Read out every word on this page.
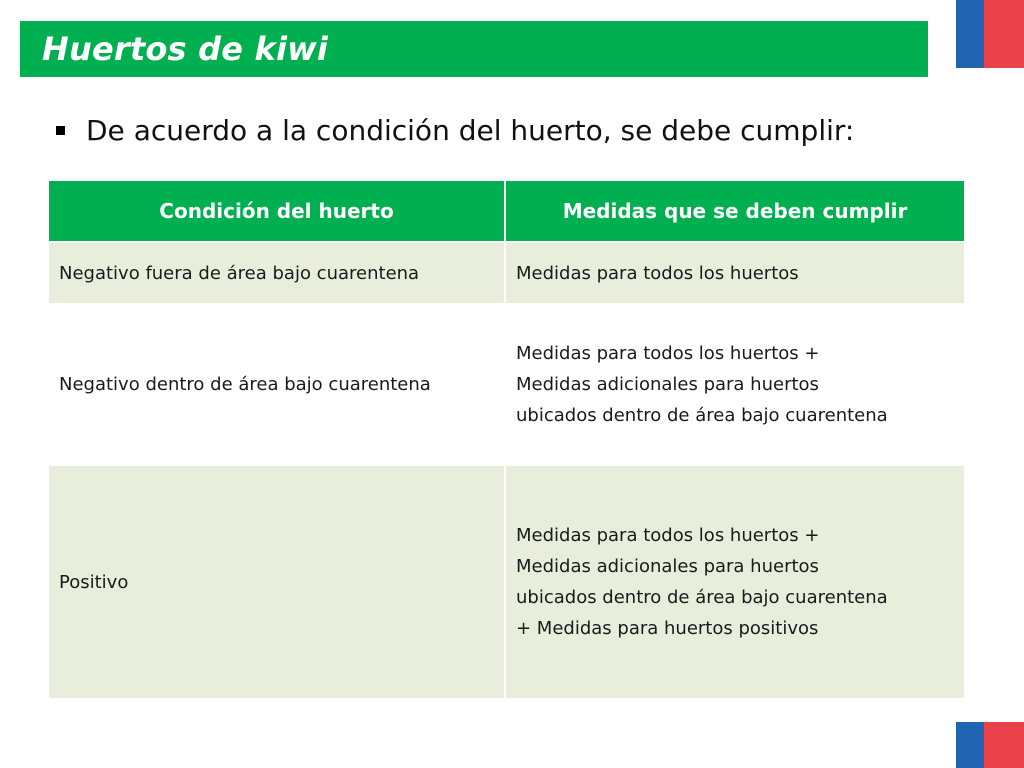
Huertos de kiwi
De acuerdo a la condición del huerto, se debe cumplir:
Condición del huerto	Medidas que se deben cumplir
Negativo fuera de área bajo cuarentena	Medidas para todos los huertos

Negativo dentro de área bajo cuarentena	Medidas para todos los huertos +
Medidas adicionales para huertos
ubicados dentro de área bajo cuarentena

Positivo	Medidas para todos los huertos +
Medidas adicionales para huertos
ubicados dentro de área bajo cuarentena
+ Medidas para huertos positivos
